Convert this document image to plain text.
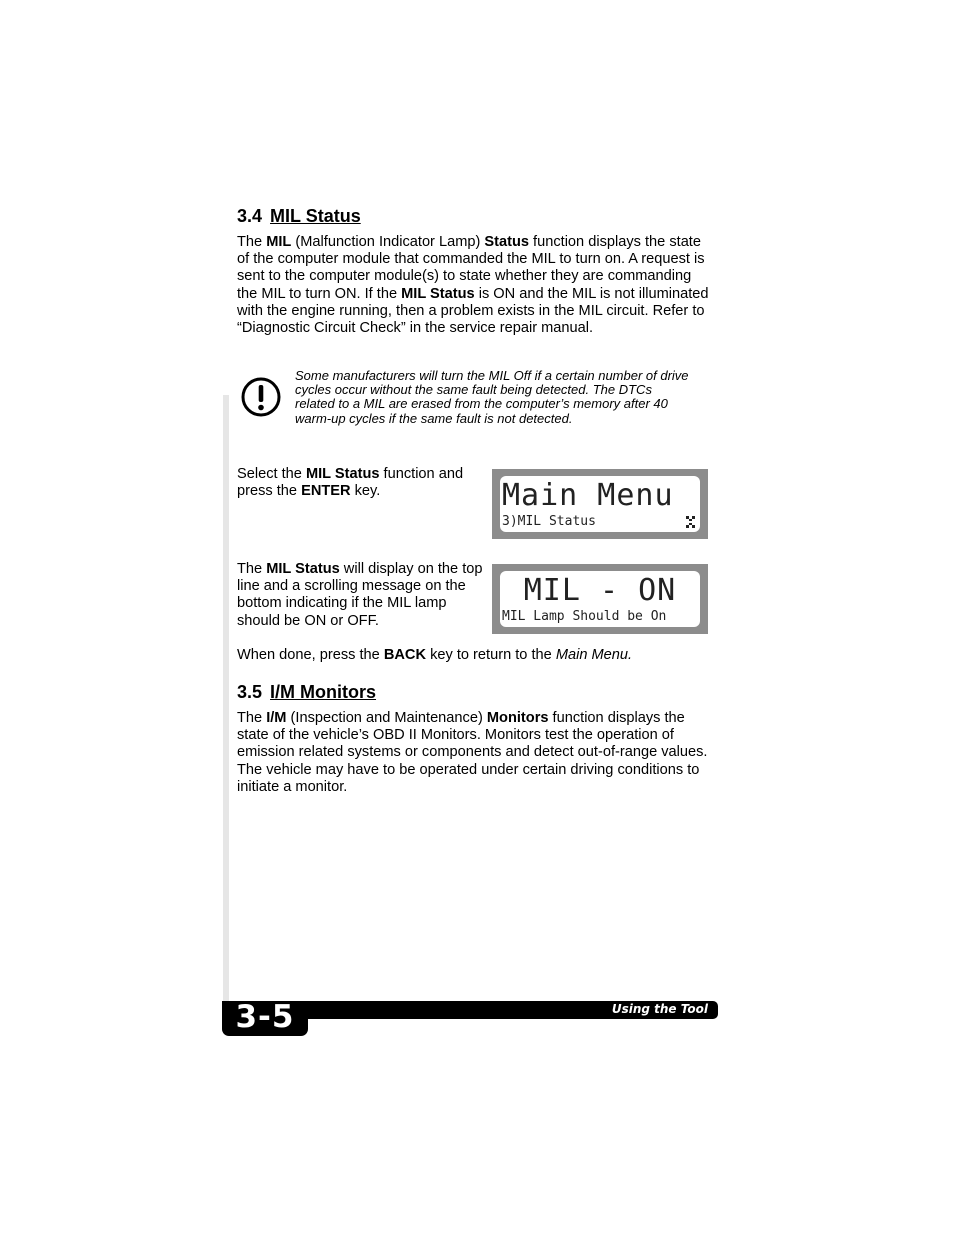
3.4 MIL Status
The MIL (Malfunction Indicator Lamp) Status function displays the state of the computer module that commanded the MIL to turn on. A request is sent to the computer module(s) to state whether they are commanding the MIL to turn ON. If the MIL Status is ON and the MIL is not illuminated with the engine running, then a problem exists in the MIL circuit. Refer to “Diagnostic Circuit Check” in the service repair manual.
Some manufacturers will turn the MIL Off if a certain number of drive cycles occur without the same fault being detected. The DTCs related to a MIL are erased from the computer’s memory after 40 warm-up cycles if the same fault is not detected.
Select the MIL Status function and press the ENTER key.	Main Menu
3)MIL Status
The MIL Status will display on the top line and a scrolling message on the bottom indicating if the MIL lamp should be ON or OFF.
MIL - ON
MIL Lamp Should be On
When done, press the BACK key to return to the Main Menu.
3.5 I/M Monitors
The I/M (Inspection and Maintenance) Monitors function displays the state of the vehicle’s OBD II Monitors. Monitors test the operation of emission related systems or components and detect out-of-range values. The vehicle may have to be operated under certain driving conditions to initiate a monitor.
Using the Tool
3-5
